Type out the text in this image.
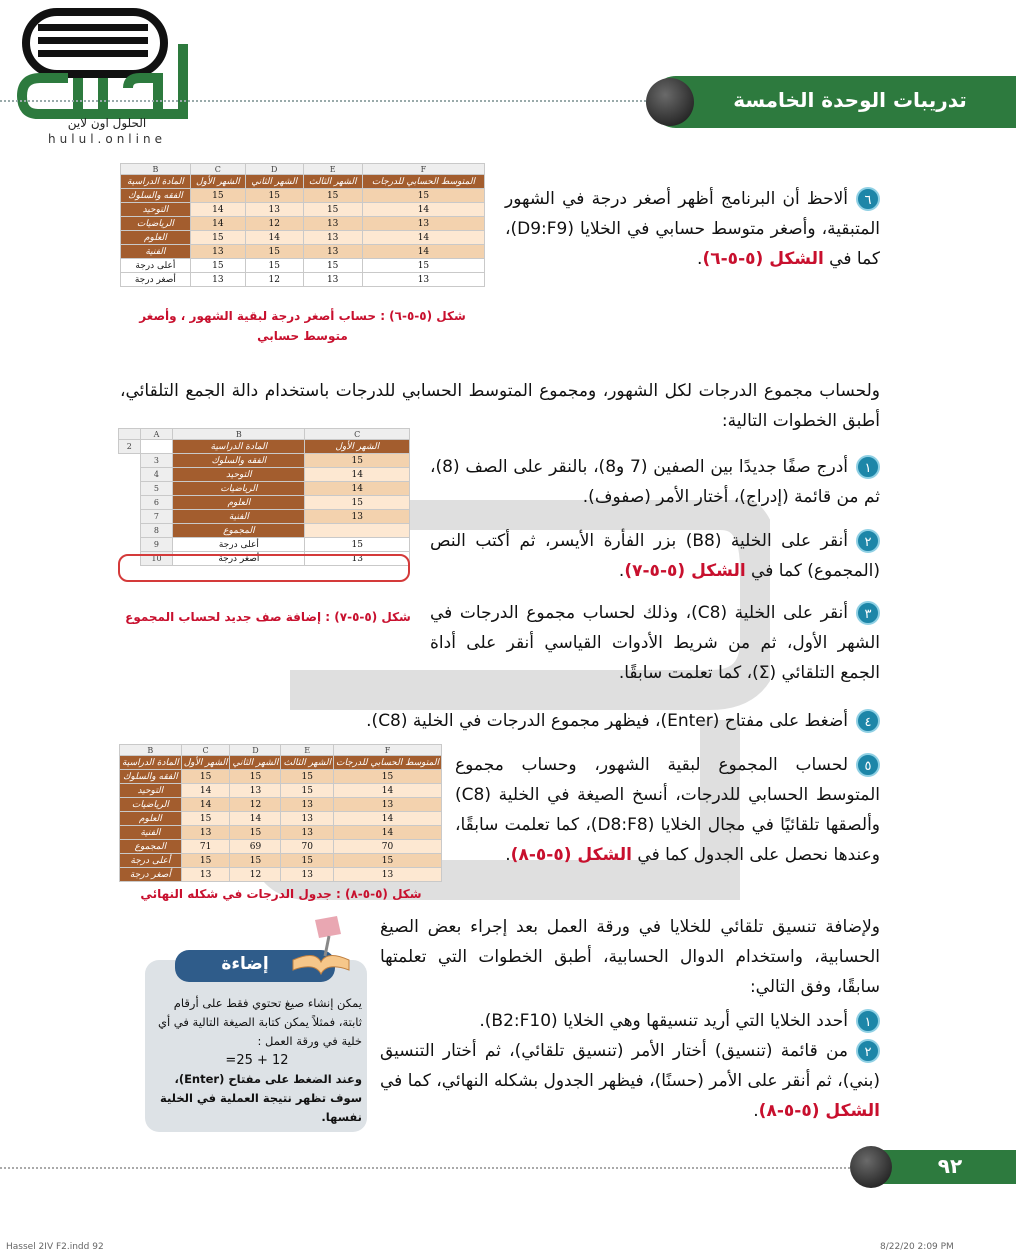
الحلول اون لاين
hulul.online
تدريبات الوحدة الخامسة
٦ألاحظ أن البرنامج أظهر أصغر درجة في الشهور المتبقية، وأصغر متوسط حسابي في الخلايا (D9:F9)، كما في الشكل (٥-٥-٦).
F	E	D	C	B
المتوسط الحسابي للدرجات	الشهر الثالث	الشهر الثاني	الشهر الأول	المادة الدراسية
15	15	15	15	الفقه والسلوك
14	15	13	14	التوحيد
13	13	12	14	الرياضيات
14	13	14	15	العلوم
14	13	15	13	الفنية
15	15	15	15	أعلى درجة
13	13	12	13	أصغر درجة
شكل (٥-٥-٦) : حساب أصغر درجة لبقية الشهور ، وأصغر متوسط حسابي
ولحساب مجموع الدرجات لكل الشهور، ومجموع المتوسط الحسابي للدرجات باستخدام دالة الجمع التلقائي، أطبق الخطوات التالية:
C	B	A	
الشهر الأول	المادة الدراسية		2
15	الفقه والسلوك	3	
14	التوحيد	4	
14	الرياضيات	5	
15	العلوم	6	
13	الفنية	7	
	المجموع	8	
15	أعلى درجة	9	
13	أصغر درجة	10	
شكل (٥-٥-٧) : إضافة صف جديد لحساب المجموع
١أدرج صفًا جديدًا بين الصفين (7 و8)، بالنقر على الصف (8)، ثم من قائمة (إدراج)، أختار الأمر (صفوف).
٢أنقر على الخلية (B8) بزر الفأرة الأيسر، ثم أكتب النص (المجموع) كما في الشكل (٥-٥-٧).
٣أنقر على الخلية (C8)، وذلك لحساب مجموع الدرجات في الشهر الأول، ثم من شريط الأدوات القياسي أنقر على أداة الجمع التلقائي (Σ)، كما تعلمت سابقًا.
٤أضغط على مفتاح (Enter)، فيظهر مجموع الدرجات في الخلية (C8).
F	E	D	C	B
المتوسط الحسابي للدرجات	الشهر الثالث	الشهر الثاني	الشهر الأول	المادة الدراسية
15	15	15	15	الفقه والسلوك
14	15	13	14	التوحيد
13	13	12	14	الرياضيات
14	13	14	15	العلوم
14	13	15	13	الفنية
70	70	69	71	المجموع
15	15	15	15	أعلى درجة
13	13	12	13	أصغر درجة
شكل (٥-٥-٨) : جدول الدرجات في شكله النهائي
٥لحساب المجموع لبقية الشهور، وحساب مجموع المتوسط الحسابي للدرجات، أنسخ الصيغة في الخلية (C8) وألصقها تلقائيًا في مجال الخلايا (D8:F8)، كما تعلمت سابقًا، وعندها نحصل على الجدول كما في الشكل (٥-٥-٨).
ولإضافة تنسيق تلقائي للخلايا في ورقة العمل بعد إجراء بعض الصيغ الحسابية، واستخدام الدوال الحسابية، أطبق الخطوات التي تعلمتها سابقًا، وفق التالي:
١أحدد الخلايا التي أريد تنسيقها وهي الخلايا (B2:F10).
٢من قائمة (تنسيق) أختار الأمر (تنسيق تلقائي)، ثم أختار التنسيق (بني)، ثم أنقر على الأمر (حسنًا)، فيظهر الجدول بشكله النهائي، كما في الشكل (٥-٥-٨).
إضاءة
يمكن إنشاء صيغ تحتوي فقط على أرقام ثابتة، فمثلاً يمكن كتابة الصيغة التالية في أي خلية في ورقة العمل :
=25 + 12
وعند الضغط على مفتاح (Enter)، سوف تظهر نتيجة العملية في الخلية نفسها.
٩٢
Hassel 2IV F2.indd 92	8/22/20 2:09 PM
